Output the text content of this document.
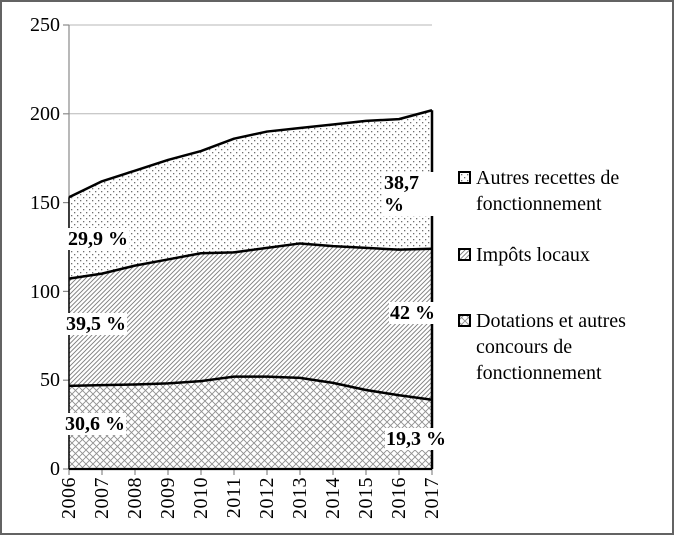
250
200
150
100
50
0
2006 2007 2008 2009 2010 2011 2012 2013 2014 2015 2016 2017
29,9 %
39,5 %
30,6 %
38,7 %
42 %
19,3 %
Autres recettes de fonctionnement
Impôts locaux
Dotations et autres concours de fonctionnement
